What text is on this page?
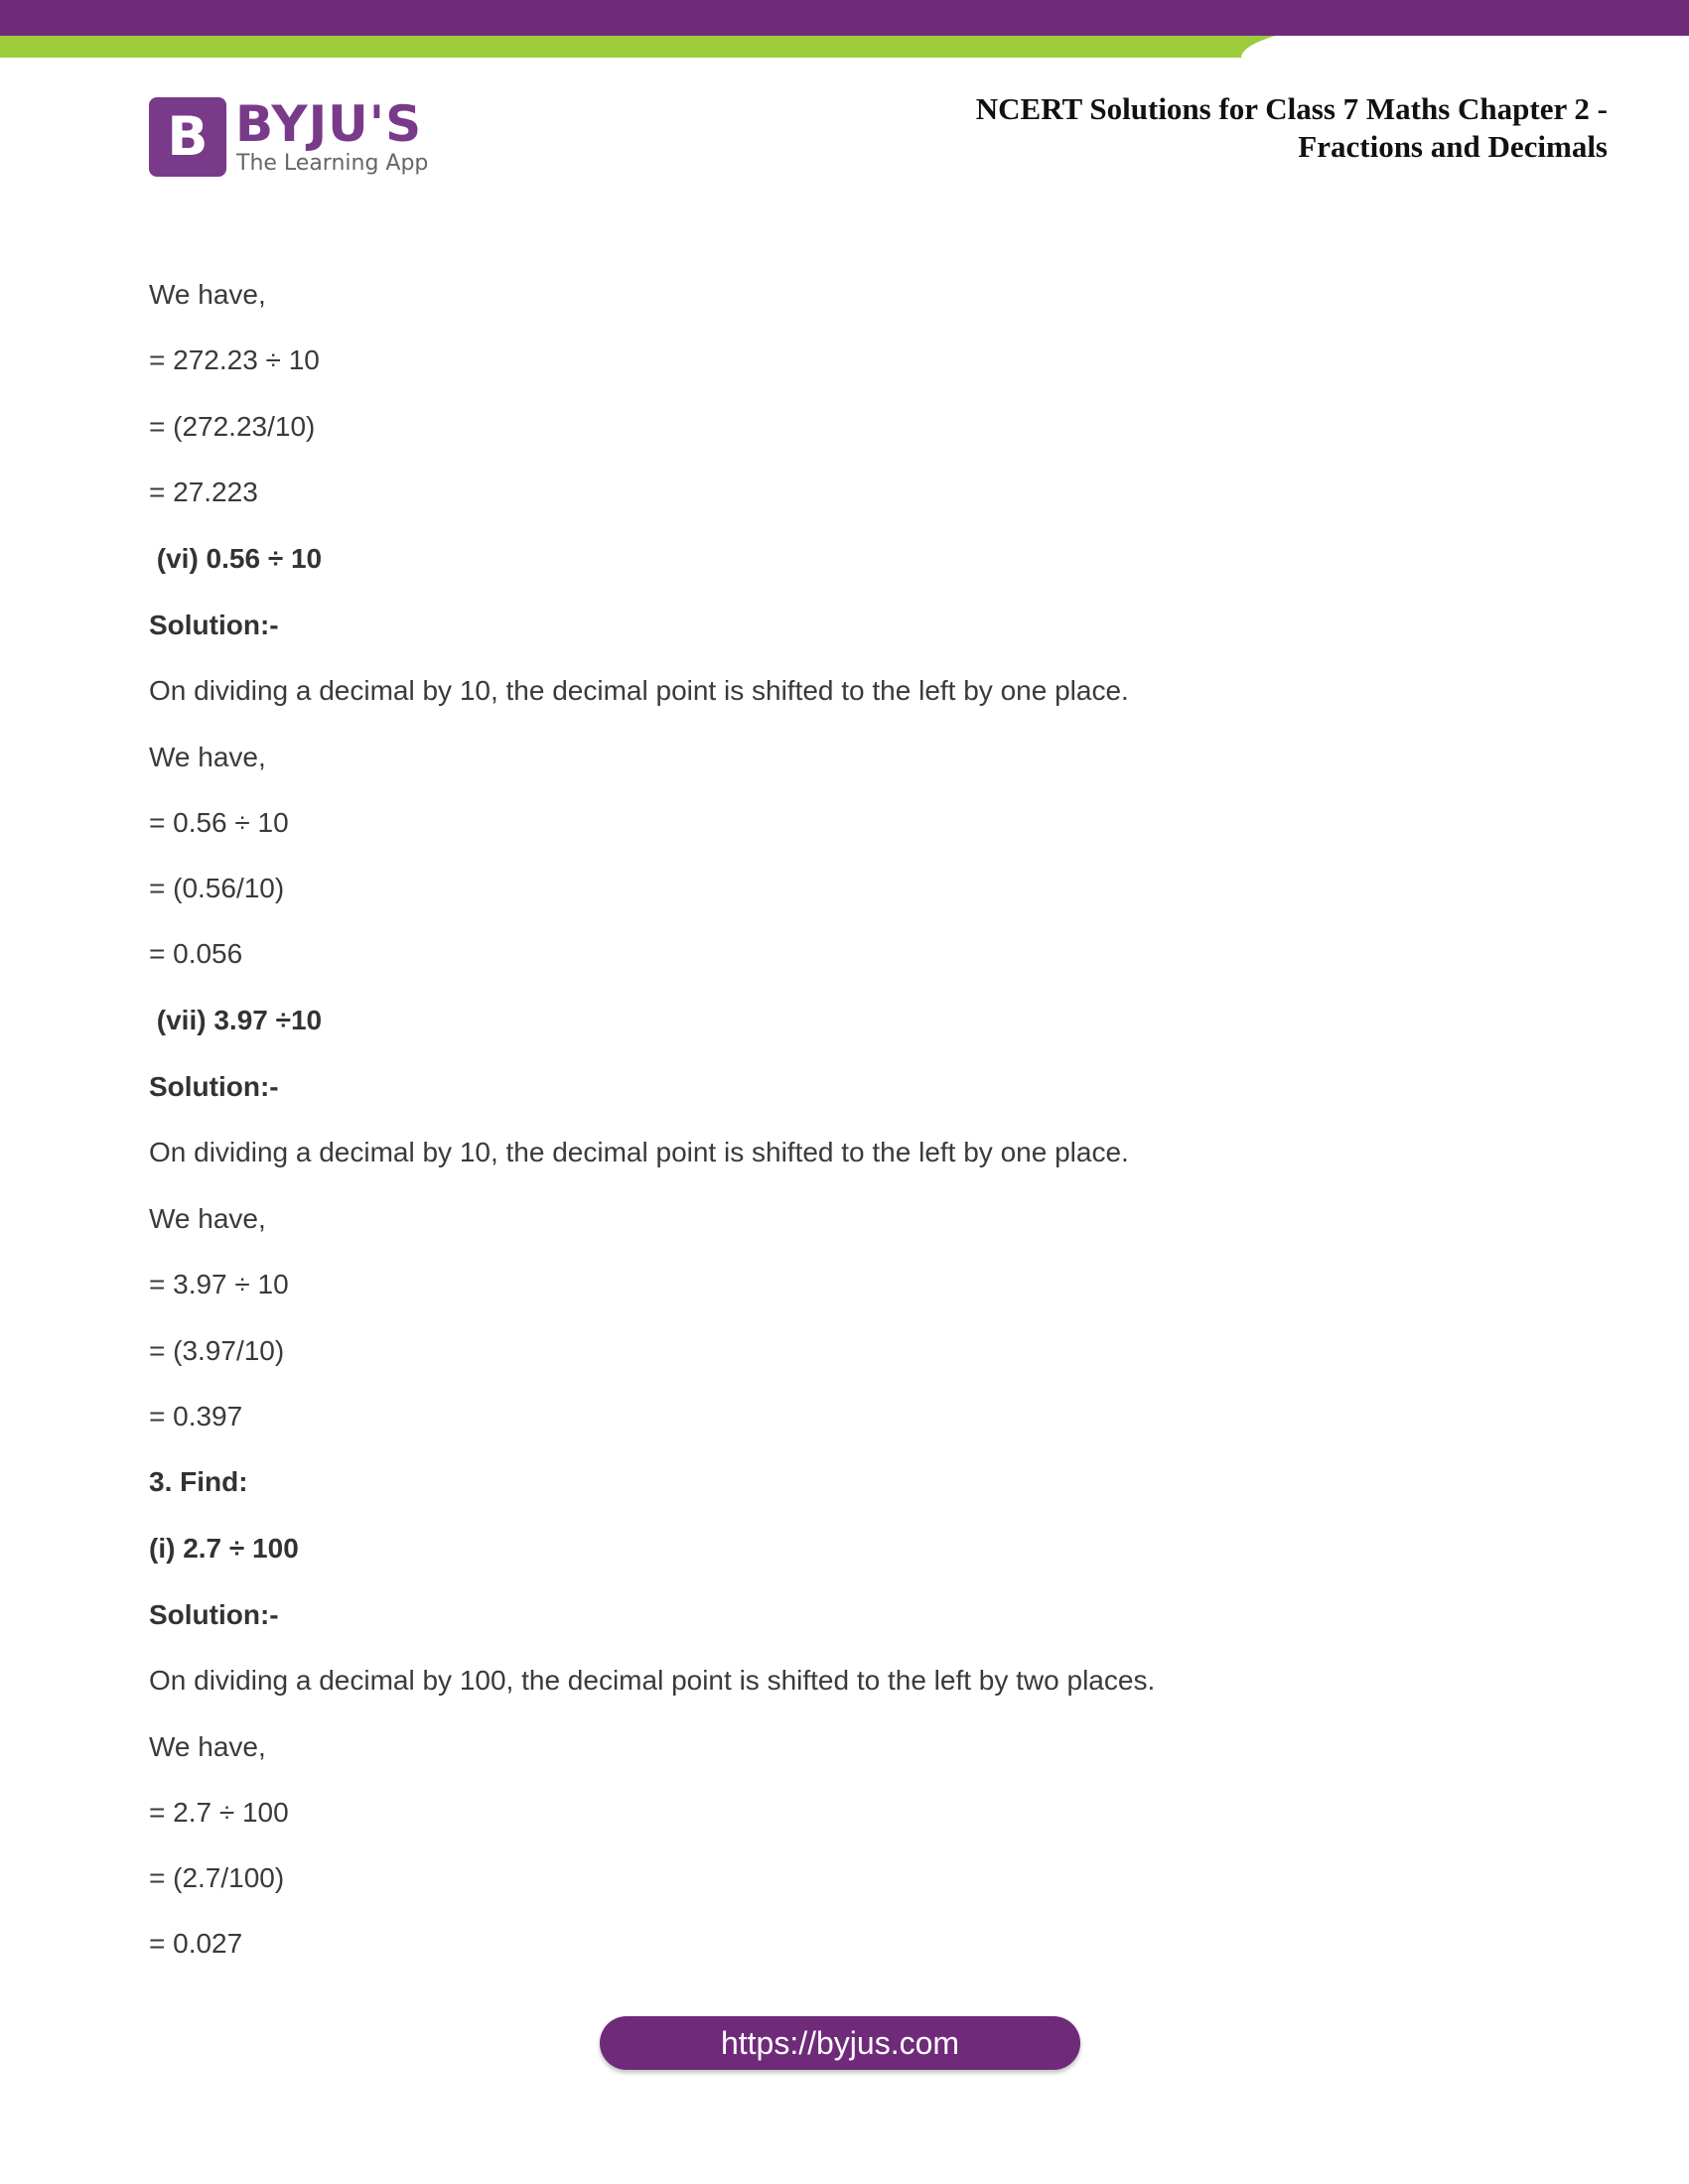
B BYJU'S
The Learning App
NCERT Solutions for Class 7 Maths Chapter 2 -
Fractions and Decimals
We have,
= 272.23 ÷ 10
= (272.23/10)
= 27.223
(vi) 0.56 ÷ 10
Solution:-
On dividing a decimal by 10, the decimal point is shifted to the left by one place.
We have,
= 0.56 ÷ 10
= (0.56/10)
= 0.056
(vii) 3.97 ÷10
Solution:-
On dividing a decimal by 10, the decimal point is shifted to the left by one place.
We have,
= 3.97 ÷ 10
= (3.97/10)
= 0.397
3. Find:
(i) 2.7 ÷ 100
Solution:-
On dividing a decimal by 100, the decimal point is shifted to the left by two places.
We have,
= 2.7 ÷ 100
= (2.7/100)
= 0.027
https://byjus.com
